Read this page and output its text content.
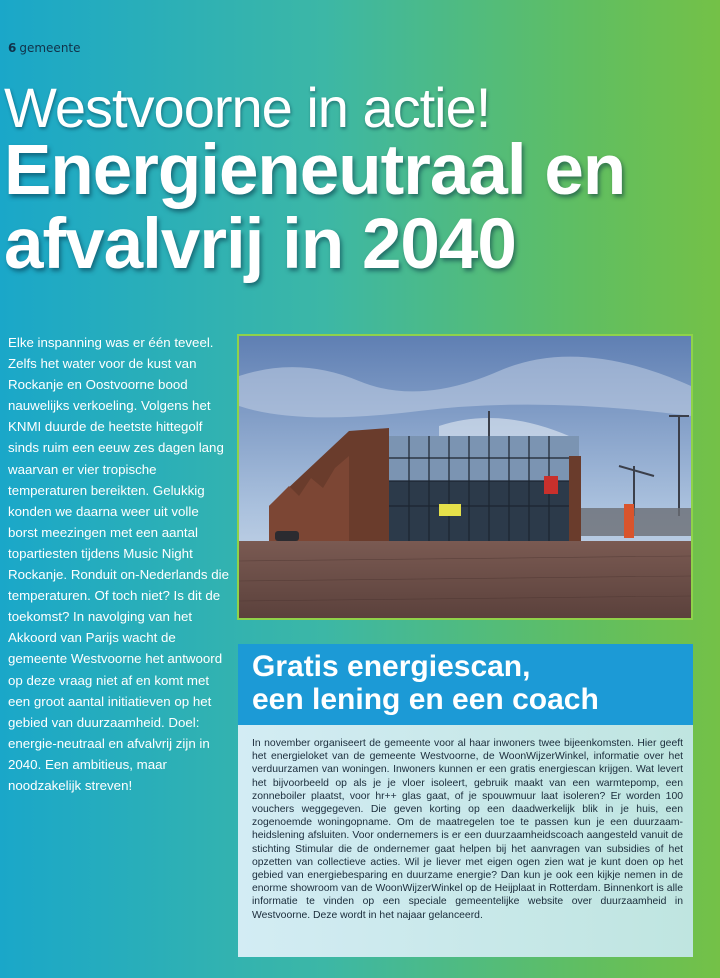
6 gemeente
Westvoorne in actie!
Energieneutraal en afvalvrij in 2040

Elke inspanning was er één teveel. Zelfs het water voor de kust van Rockanje en Oostvoorne bood nauwelijks verkoeling. Volgens het KNMI duurde de heetste hittegolf sinds ruim een eeuw zes dagen lang waarvan er vier tropische temperaturen bereikten. Gelukkig konden we daarna weer uit volle borst meezingen met een aantal topartiesten tijdens Music Night Rockanje. Ronduit on-Nederlands die temperaturen. Of toch niet? Is dit de toekomst? In navolging van het Akkoord van Parijs wacht de gemeente Westvoorne het antwoord op deze vraag niet af en komt met een groot aantal initiatieven op het gebied van duurzaamheid. Doel: energie-neutraal en afvalvrij zijn in 2040. Een ambitieus, maar noodzakelijk streven!

Gratis energiescan,
een lening en een coach

In november organiseert de gemeente voor al haar inwoners twee bijeenkomsten. Hier geeft het energieloket van de gemeente Westvoorne, de WoonWijzerWinkel, informatie over het verduurzamen van woningen. Inwoners kunnen er een gratis energiescan krijgen. Wat levert het bijvoorbeeld op als je je vloer isoleert, gebruik maakt van een warmtepomp, een zonneboiler plaatst, voor hr++ glas gaat, of je spouwmuur laat isoleren? Er worden 100 vouchers weggegeven. Die geven korting op een daadwerkelijk blik in je huis, een zogenoemde woningopname. Om de maatregelen toe te passen kun je een duurzaam-heidslening afsluiten. Voor ondernemers is er een duurzaamheidscoach aangesteld vanuit de stichting Stimular die de ondernemer gaat helpen bij het aanvragen van subsidies of het opzetten van collectieve acties. Wil je liever met eigen ogen zien wat je kunt doen op het gebied van energiebesparing en duurzame energie? Dan kun je ook een kijkje nemen in de enorme showroom van de WoonWijzerWinkel op de Heijplaat in Rotterdam. Binnenkort is alle informatie te vinden op een speciale gemeentelijke website over duurzaamheid in Westvoorne. Deze wordt in het najaar gelanceerd.
